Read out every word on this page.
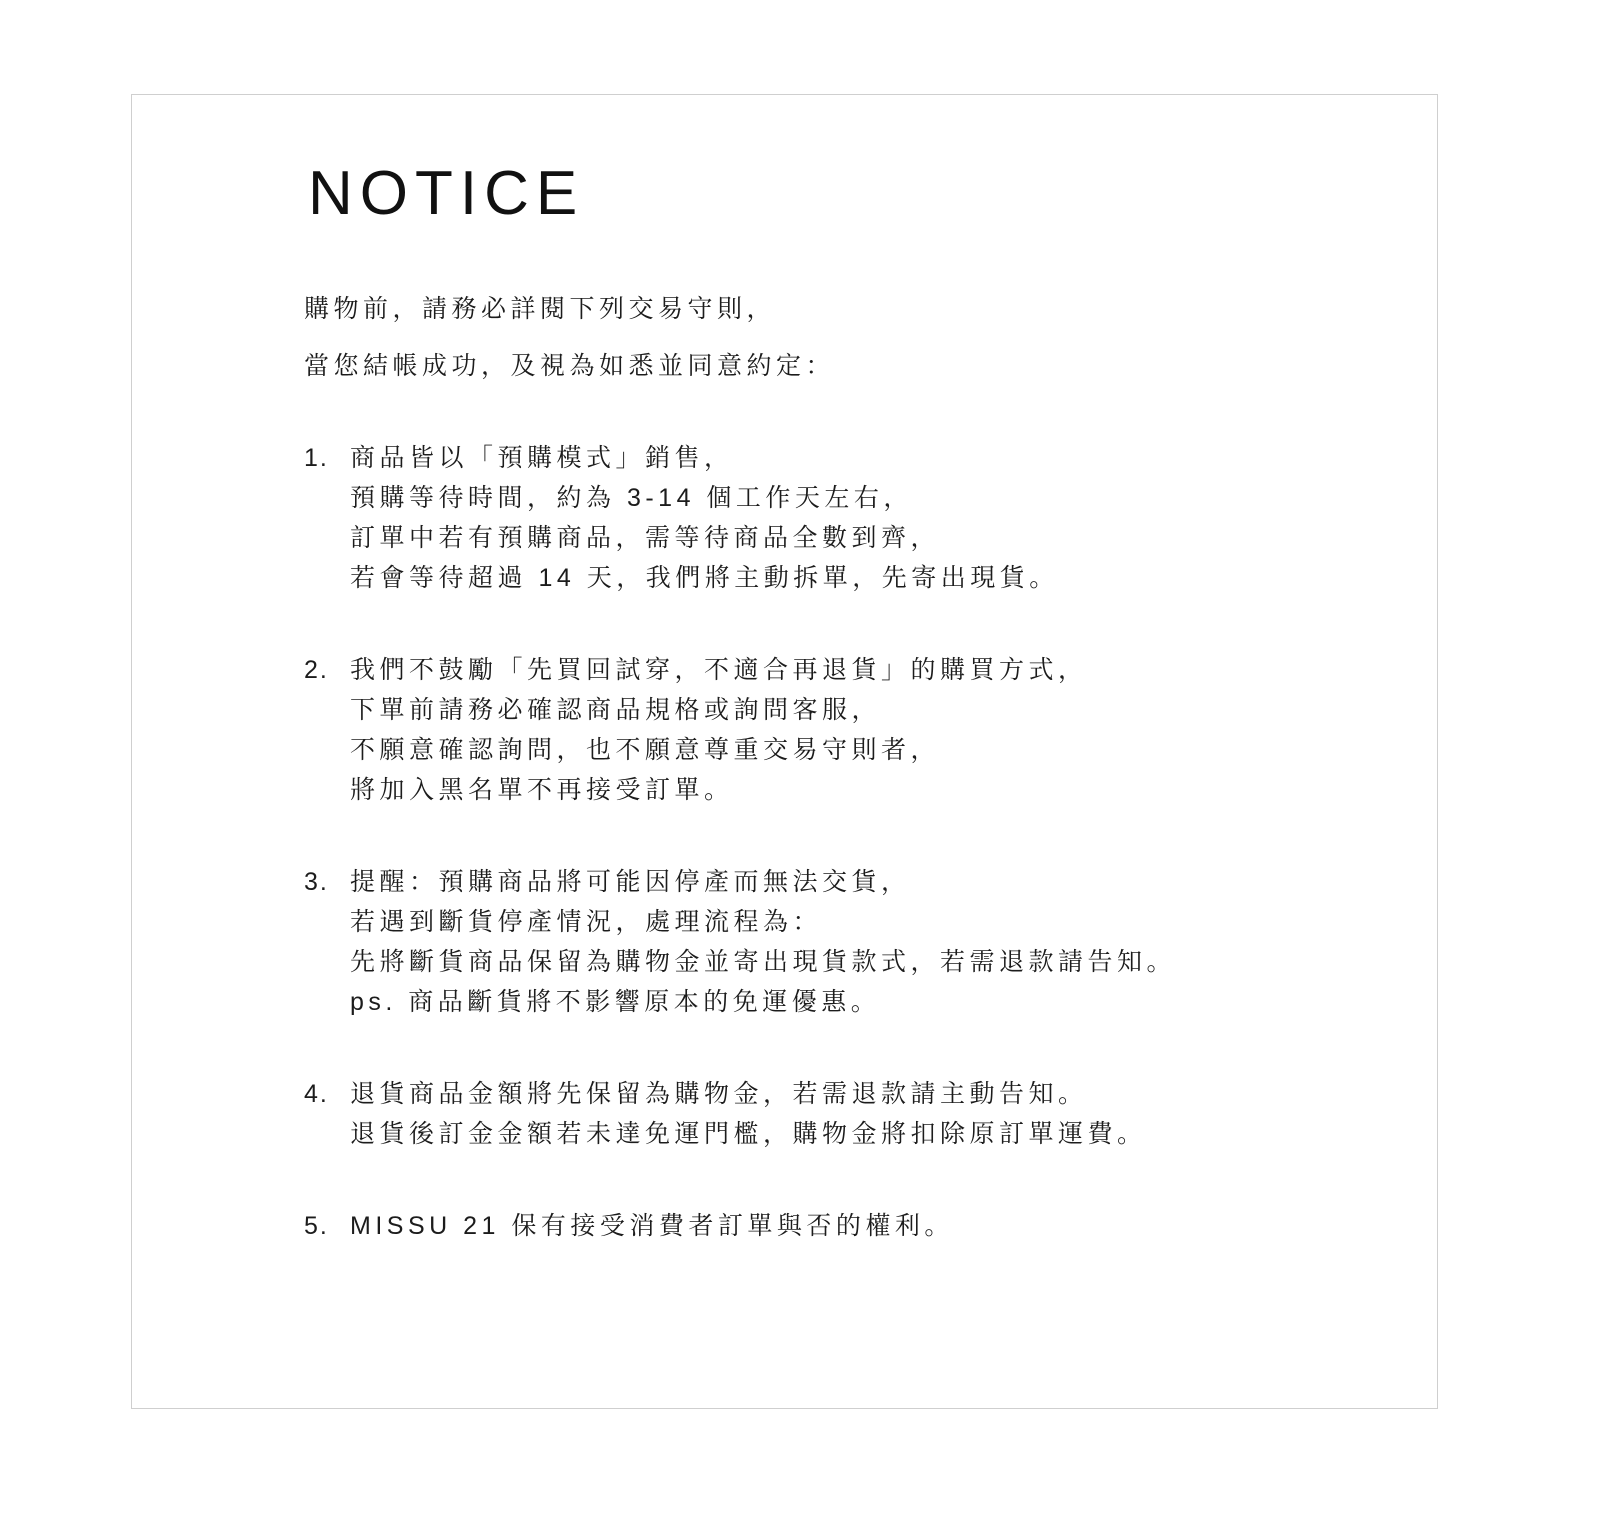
NOTICE

購物前，請務必詳閱下列交易守則，

當您結帳成功，及視為如悉並同意約定：

1. 商品皆以「預購模式」銷售，
預購等待時間，約為 3-14 個工作天左右，
訂單中若有預購商品，需等待商品全數到齊，
若會等待超過 14 天，我們將主動拆單，先寄出現貨。
2. 我們不鼓勵「先買回試穿，不適合再退貨」的購買方式，
下單前請務必確認商品規格或詢問客服，
不願意確認詢問，也不願意尊重交易守則者，
將加入黑名單不再接受訂單。
3. 提醒：預購商品將可能因停產而無法交貨，
若遇到斷貨停產情況，處理流程為：
先將斷貨商品保留為購物金並寄出現貨款式，若需退款請告知。
ps. 商品斷貨將不影響原本的免運優惠。
4. 退貨商品金額將先保留為購物金，若需退款請主動告知。
退貨後訂金金額若未達免運門檻，購物金將扣除原訂單運費。
5. MISSU 21 保有接受消費者訂單與否的權利。
